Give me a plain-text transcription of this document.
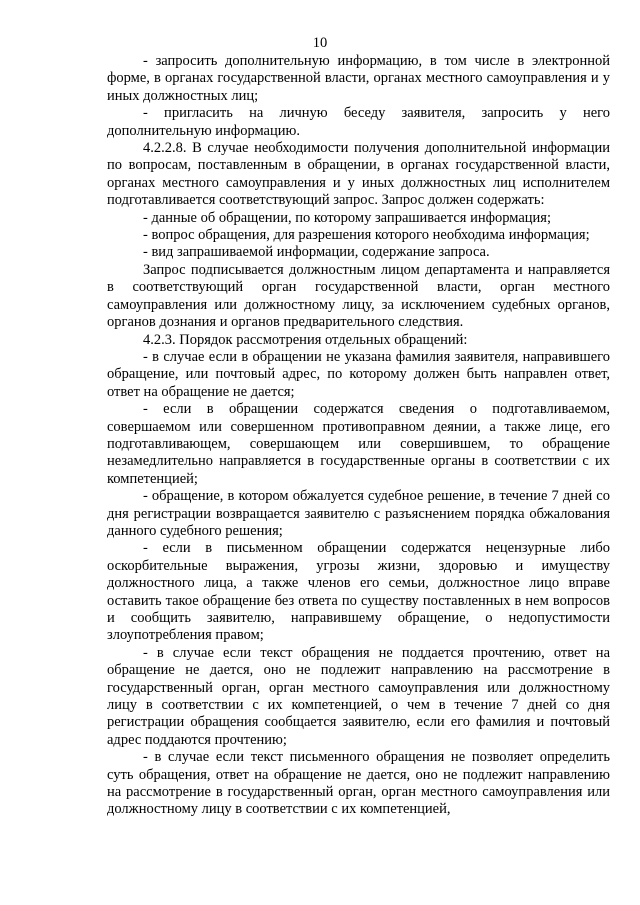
10

- запросить дополнительную информацию, в том числе в электронной форме, в органах государственной власти, органах местного самоуправления и у иных должностных лиц;

- пригласить на личную беседу заявителя, запросить у него дополнительную информацию.

4.2.2.8. В случае необходимости получения дополнительной информации по вопросам, поставленным в обращении, в органах государственной власти, органах местного самоуправления и у иных должностных лиц исполнителем подготавливается соответствующий запрос. Запрос должен содержать:

- данные об обращении, по которому запрашивается информация;

- вопрос обращения, для разрешения которого необходима информация;

- вид запрашиваемой информации, содержание запроса.

Запрос подписывается должностным лицом департамента и направляется в соответствующий орган государственной власти, орган местного самоуправления или должностному лицу, за исключением судебных органов, органов дознания и органов предварительного следствия.

4.2.3. Порядок рассмотрения отдельных обращений:

- в случае если в обращении не указана фамилия заявителя, направившего обращение, или почтовый адрес, по которому должен быть направлен ответ, ответ на обращение не дается;

- если в обращении содержатся сведения о подготавливаемом, совершаемом или совершенном противоправном деянии, а также лице, его подготавливающем, совершающем или совершившем, то обращение незамедлительно направляется в государственные органы в соответствии с их компетенцией;

- обращение, в котором обжалуется судебное решение, в течение 7 дней со дня регистрации возвращается заявителю с разъяснением порядка обжалования данного судебного решения;

- если в письменном обращении содержатся нецензурные либо оскорбительные выражения, угрозы жизни, здоровью и имуществу должностного лица, а также членов его семьи, должностное лицо вправе оставить такое обращение без ответа по существу поставленных в нем вопросов и сообщить заявителю, направившему обращение, о недопустимости злоупотребления правом;

- в случае если текст обращения не поддается прочтению, ответ на обращение не дается, оно не подлежит направлению на рассмотрение в государственный орган, орган местного самоуправления или должностному лицу в соответствии с их компетенцией, о чем в течение 7 дней со дня регистрации обращения сообщается заявителю, если его фамилия и почтовый адрес поддаются прочтению;

- в случае если текст письменного обращения не позволяет определить суть обращения, ответ на обращение не дается, оно не подлежит направлению на рассмотрение в государственный орган, орган местного самоуправления или должностному лицу в соответствии с их компетенцией,
